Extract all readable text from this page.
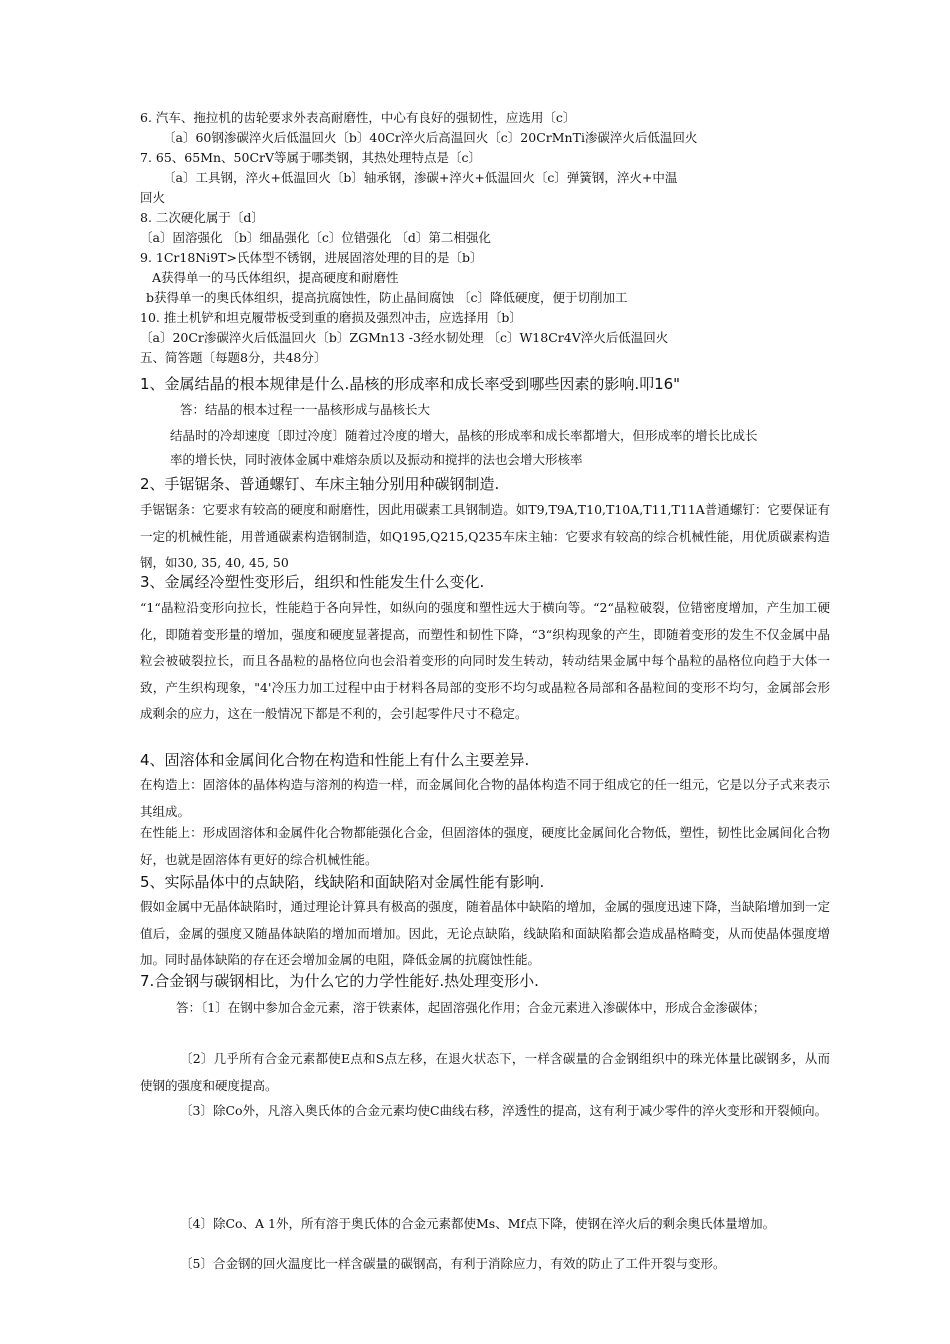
6. 汽车、拖拉机的齿轮要求外表高耐磨性，中心有良好的强韧性，应选用〔c〕
〔a〕60钢渗碳淬火后低温回火〔b〕40Cr淬火后高温回火〔c〕20CrMnTi渗碳淬火后低温回火
7. 65、65Mn、50CrV等属于哪类钢，其热处理特点是〔c〕
〔a〕工具钢，淬火+低温回火〔b〕轴承钢，渗碳+淬火+低温回火〔c〕弹簧钢，淬火+中温
回火
8. 二次硬化属于〔d〕
〔a〕固溶强化 〔b〕细晶强化〔c〕位错强化 〔d〕第二相强化
9. 1Cr18Ni9T>氏体型不锈钢，进展固溶处理的目的是〔b〕
A获得单一的马氏体组织，提高硬度和耐磨性
b获得单一的奥氏体组织，提高抗腐蚀性，防止晶间腐蚀 〔c〕降低硬度，便于切削加工
10. 推土机铲和坦克履带板受到重的磨损及强烈冲击，应选择用〔b〕
〔a〕20Cr渗碳淬火后低温回火〔b〕ZGMn13 -3经水韧处理 〔c〕W18Cr4V淬火后低温回火
五、简答题〔每题8分，共48分〕
1、金属结晶的根本规律是什么.晶核的形成率和成长率受到哪些因素的影响.叩16"
答：结晶的根本过程一一晶核形成与晶核长大
结晶时的冷却速度〔即过冷度〕随着过冷度的增大，晶核的形成率和成长率都增大，但形成率的增长比成长
率的增长快，同时液体金属中难熔杂质以及振动和搅拌的法也会增大形核率
2、手锯锯条、普通螺钉、车床主轴分别用种碳钢制造.
手锯锯条：它要求有较高的硬度和耐磨性，因此用碳素工具钢制造。如T9,T9A,T10,T10A,T11,T11A普通螺钉：它要保证有一定的机械性能，用普通碳素构造钢制造，如Q195,Q215,Q235车床主轴：它要求有较高的综合机械性能，用优质碳素构造钢，如30, 35, 40, 45, 50
3、金属经冷塑性变形后，组织和性能发生什么变化.
“1“晶粒沿变形向拉长，性能趋于各向异性，如纵向的强度和塑性远大于横向等。“2“晶粒破裂，位错密度增加，产生加工硬化，即随着变形量的增加，强度和硬度显著提高，而塑性和韧性下降，“3“织构现象的产生，即随着变形的发生不仅金属中晶粒会被破裂拉长，而且各晶粒的晶格位向也会沿着变形的向同时发生转动，转动结果金属中每个晶粒的晶格位向趋于大体一致，产生织构现象，"4'冷压力加工过程中由于材料各局部的变形不均匀或晶粒各局部和各晶粒间的变形不均匀，金属部会形成剩余的应力，这在一般情况下都是不利的，会引起零件尺寸不稳定。
4、固溶体和金属间化合物在构造和性能上有什么主要差异.
在构造上：固溶体的晶体构造与溶剂的构造一样，而金属间化合物的晶体构造不同于组成它的任一组元，它是以分子式来表示其组成。
在性能上：形成固溶体和金属件化合物都能强化合金，但固溶体的强度，硬度比金属间化合物低，塑性，韧性比金属间化合物好，也就是固溶体有更好的综合机械性能。
5、实际晶体中的点缺陷，线缺陷和面缺陷对金属性能有影响.
假如金属中无晶体缺陷时，通过理论计算具有极高的强度，随着晶体中缺陷的增加，金属的强度迅速下降，当缺陷增加到一定值后，金属的强度又随晶体缺陷的增加而增加。因此，无论点缺陷，线缺陷和面缺陷都会造成晶格畸变，从而使晶体强度增加。同时晶体缺陷的存在还会增加金属的电阻，降低金属的抗腐蚀性能。
7.合金钢与碳钢相比，为什么它的力学性能好.热处理变形小.
答：〔1〕在钢中参加合金元素，溶于铁素体，起固溶强化作用；合金元素进入渗碳体中，形成合金渗碳体；
〔2〕几乎所有合金元素都使E点和S点左移，在退火状态下，一样含碳量的合金钢组织中的珠光体量比碳钢多，从而使钢的强度和硬度提高。
〔3〕除Co外，凡溶入奥氏体的合金元素均使C曲线右移，淬透性的提高，这有利于减少零件的淬火变形和开裂倾向。
〔4〕除Co、A 1外，所有溶于奥氏体的合金元素都使Ms、Mf点下降，使钢在淬火后的剩余奥氏体量增加。
〔5〕合金钢的回火温度比一样含碳量的碳钢高，有利于消除应力，有效的防止了工件开裂与变形。
